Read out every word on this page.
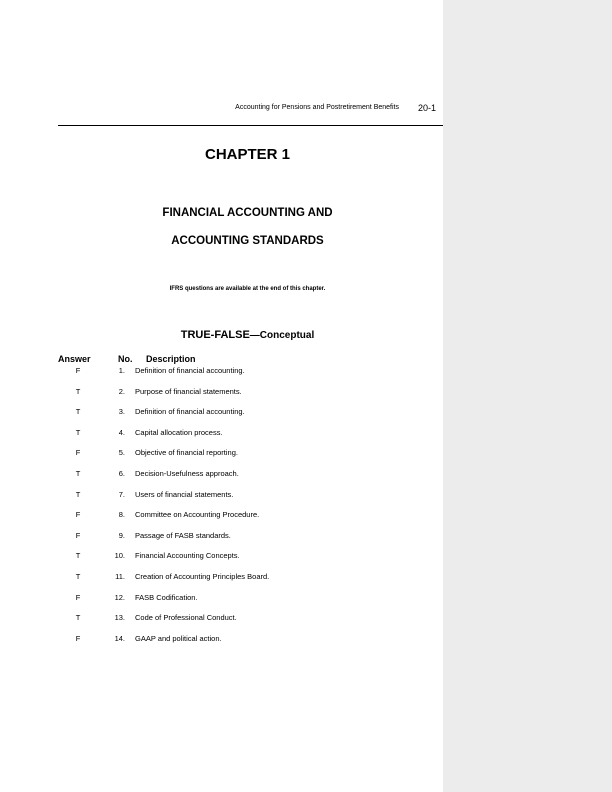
Accounting for Pensions and Postretirement Benefits 20-1
CHAPTER 1
FINANCIAL ACCOUNTING AND
ACCOUNTING STANDARDS
IFRS questions are available at the end of this chapter.
TRUE-FALSE—Conceptual
Answer	No. Description
F	1. Definition of financial accounting.
T	2. Purpose of financial statements.
T	3. Definition of financial accounting.
T	4. Capital allocation process.
F	5. Objective of financial reporting.
T	6. Decision-Usefulness approach.
T	7. Users of financial statements.
F	8. Committee on Accounting Procedure.
F	9. Passage of FASB standards.
T	10. Financial Accounting Concepts.
T	11. Creation of Accounting Principles Board.
F	12. FASB Codification.
T	13. Code of Professional Conduct.
F	14. GAAP and political action.
